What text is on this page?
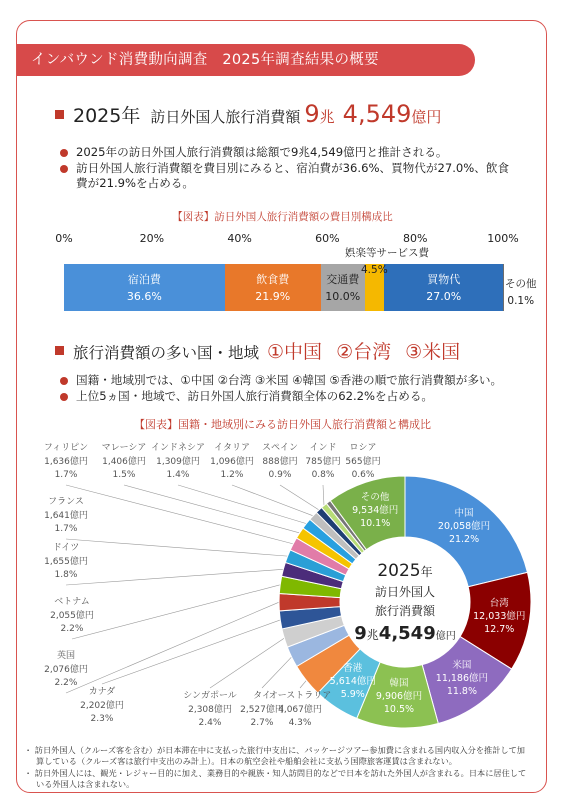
インバウンド消費動向調査　2025年調査結果の概要
2025年 訪日外国人旅行消費額 9 兆 4,549 億円
2025年の訪日外国人旅行消費額は総額で9兆4,549億円と推計される。
訪日外国人旅行消費額を費目別にみると、宿泊費が36.6%、買物代が27.0%、飲食費が21.9%を占める。
【図表】訪日外国人旅行消費額の費目別構成比
0%	20%	40%	60%	80%	100%
宿泊費
36.6%
飲食費
21.9%
交通費
10.0%
買物代
27.0%
娯楽等サービス費
4.5%
その他
0.1%
旅行消費額の多い国・地域 ①中国 ②台湾 ③米国
国籍・地域別では、①中国 ②台湾 ③米国 ④韓国 ⑤香港の順で旅行消費額が多い。
上位5ヵ国・地域で、訪日外国人旅行消費額全体の62.2%を占める。
【図表】国籍・地域別にみる訪日外国人旅行消費額と構成比
中国
20,058億円
21.2%
台湾
12,033億円
12.7%
米国
11,186億円
11.8%
韓国
9,906億円
10.5%
香港
5,614億円
5.9%
その他
9,534億円
10.1%
オーストラリア
4,067億円
4.3%
タイ
2,527億円
2.7%
シンガポール
2,308億円
2.4%
カナダ
2,202億円
2.3%
英国
2,076億円
2.2%
ベトナム
2,055億円
2.2%
ドイツ
1,655億円
1.8%
フランス
1,641億円
1.7%
フィリピン
1,636億円
1.7%
マレーシア
1,406億円
1.5%
インドネシア
1,309億円
1.4%
イタリア
1,096億円
1.2%
スペイン
888億円
0.9%
インド
785億円
0.8%
ロシア
565億円
0.6%
2025年
訪日外国人
旅行消費額
9兆4,549億円

・ 訪日外国人（クルーズ客を含む）が日本滞在中に支払った旅行中支出に、パッケージツアー参加費に含まれる国内収入分を推計して加算している（クルーズ客は旅行中支出のみ計上）。日本の航空会社や船舶会社に支払う国際旅客運賃は含まれない。

・ 訪日外国人には、観光・レジャー目的に加え、業務目的や親族・知人訪問目的などで日本を訪れた外国人が含まれる。日本に居住している外国人は含まれない。
